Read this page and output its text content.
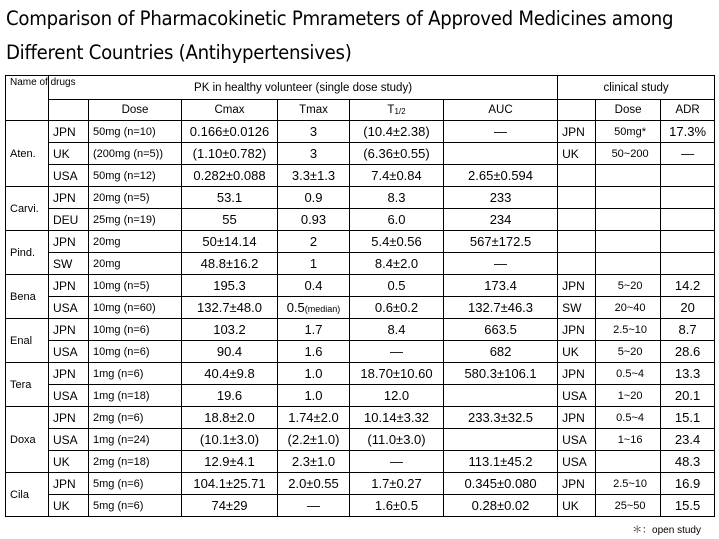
Comparison of Pharmacokinetic Pmrameters of Approved Medicines among
Different Countries (Antihypertensives)
Name of drugs	PK in healthy volunteer (single dose study)						clinical study		
		Dose	Cmax	Tmax	T1/2	AUC		Dose	ADR
Aten.	JPN	50mg (n=10)	0.166±0.0126	3	(10.4±2.38)	—	JPN	50mg*	17.3%
	UK	(200mg (n=5))	(1.10±0.782)	3	(6.36±0.55)		UK	50~200	—
	USA	50mg (n=12)	0.282±0.088	3.3±1.3	7.4±0.84	2.65±0.594			
Carvi.	JPN	20mg (n=5)	53.1	0.9	8.3	233			
	DEU	25mg (n=19)	55	0.93	6.0	234			
Pind.	JPN	20mg	50±14.14	2	5.4±0.56	567±172.5			
	SW	20mg	48.8±16.2	1	8.4±2.0	—			
Bena	JPN	10mg (n=5)	195.3	0.4	0.5	173.4	JPN	5~20	14.2
	USA	10mg (n=60)	132.7±48.0	0.5(median)	0.6±0.2	132.7±46.3	SW	20~40	20
Enal	JPN	10mg (n=6)	103.2	1.7	8.4	663.5	JPN	2.5~10	8.7
	USA	10mg (n=6)	90.4	1.6	—	682	UK	5~20	28.6
Tera	JPN	1mg (n=6)	40.4±9.8	1.0	18.70±10.60	580.3±106.1	JPN	0.5~4	13.3
	USA	1mg (n=18)	19.6	1.0	12.0		USA	1~20	20.1
Doxa	JPN	2mg (n=6)	18.8±2.0	1.74±2.0	10.14±3.32	233.3±32.5	JPN	0.5~4	15.1
	USA	1mg (n=24)	(10.1±3.0)	(2.2±1.0)	(11.0±3.0)		USA	1~16	23.4
	UK	2mg (n=18)	12.9±4.1	2.3±1.0	—	113.1±45.2	USA		48.3
Cila	JPN	5mg (n=6)	104.1±25.71	2.0±0.55	1.7±0.27	0.345±0.080	JPN	2.5~10	16.9
	UK	5mg (n=6)	74±29	—	1.6±0.5	0.28±0.02	UK	25~50	15.5
＊：open study
